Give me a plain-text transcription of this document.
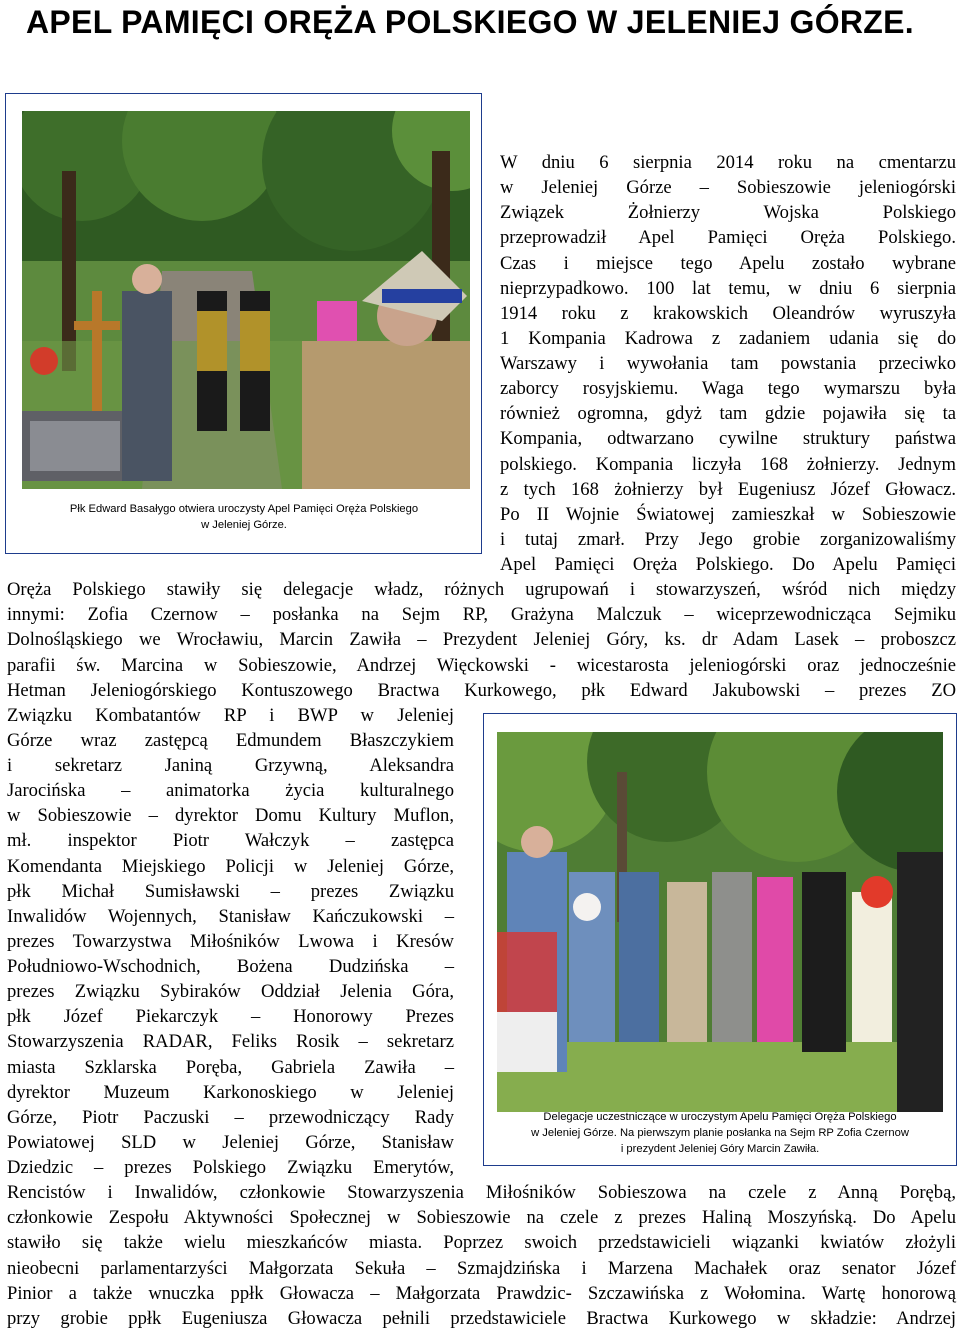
APEL PAMIĘCI ORĘŻA POLSKIEGO W JELENIEJ GÓRZE.
Płk Edward Basałygo otwiera uroczysty Apel Pamięci Oręża Polskiego
w Jeleniej Górze.
Delegacje uczestniczące w uroczystym Apelu Pamięci Oręża Polskiego
w Jeleniej Górze. Na pierwszym planie posłanka na Sejm RP Zofia Czernow
i prezydent Jeleniej Góry Marcin Zawiła.
W dniu 6 sierpnia 2014 roku na cmentarzu
w Jeleniej Górze – Sobieszowie jeleniogórski
Związek Żołnierzy Wojska Polskiego
przeprowadził Apel Pamięci Oręża Polskiego.
Czas i miejsce tego Apelu zostało wybrane
nieprzypadkowo. 100 lat temu, w dniu 6 sierpnia
1914 roku z krakowskich Oleandrów wyruszyła
1 Kompania Kadrowa z zadaniem udania się do
Warszawy i wywołania tam powstania przeciwko
zaborcy rosyjskiemu. Waga tego wymarszu była
również ogromna, gdyż tam gdzie pojawiła się ta
Kompania, odtwarzano cywilne struktury państwa
polskiego. Kompania liczyła 168 żołnierzy. Jednym
z tych 168 żołnierzy był Eugeniusz Józef Głowacz.
Po II Wojnie Światowej zamieszkał w Sobieszowie
i tutaj zmarł. Przy Jego grobie zorganizowaliśmy
Apel Pamięci Oręża Polskiego. Do Apelu Pamięci
Oręża Polskiego stawiły się delegacje władz, różnych ugrupowań i stowarzyszeń, wśród nich między
innymi: Zofia Czernow – posłanka na Sejm RP, Grażyna Malczuk – wiceprzewodnicząca Sejmiku
Dolnośląskiego we Wrocławiu, Marcin Zawiła – Prezydent Jeleniej Góry, ks. dr Adam Lasek – proboszcz
parafii św. Marcina w Sobieszowie, Andrzej Więckowski - wicestarosta jeleniogórski oraz jednocześnie
Hetman Jeleniogórskiego Kontuszowego Bractwa Kurkowego, płk Edward Jakubowski – prezes ZO
Związku Kombatantów RP i BWP w Jeleniej
Górze wraz zastępcą Edmundem Błaszczykiem
i sekretarz Janiną Grzywną, Aleksandra
Jarocińska – animatorka życia kulturalnego
w Sobieszowie – dyrektor Domu Kultury Muflon,
mł. inspektor Piotr Wałczyk – zastępca
Komendanta Miejskiego Policji w Jeleniej Górze,
płk Michał Sumisławski – prezes Związku
Inwalidów Wojennych, Stanisław Kańczukowski –
prezes Towarzystwa Miłośników Lwowa i Kresów
Południowo-Wschodnich, Bożena Dudzińska –
prezes Związku Sybiraków Oddział Jelenia Góra,
płk Józef Piekarczyk – Honorowy Prezes
Stowarzyszenia RADAR, Feliks Rosik – sekretarz
miasta Szklarska Poręba, Gabriela Zawiła –
dyrektor Muzeum Karkonoskiego w Jeleniej
Górze, Piotr Paczuski – przewodniczący Rady
Powiatowej SLD w Jeleniej Górze, Stanisław
Dziedzic – prezes Polskiego Związku Emerytów,
Rencistów i Inwalidów, członkowie Stowarzyszenia Miłośników Sobieszowa na czele z Anną Porębą,
członkowie Zespołu Aktywności Społecznej w Sobieszowie na czele z prezes Haliną Moszyńską. Do Apelu
stawiło się także wielu mieszkańców miasta. Poprzez swoich przedstawicieli wiązanki kwiatów złożyli
nieobecni parlamentarzyści Małgorzata Sekuła – Szmajdzińska i Marzena Machałek oraz senator Józef
Pinior a także wnuczka ppłk Głowacza – Małgorzata Prawdzic- Szczawińska z Wołomina. Wartę honorową
przy grobie ppłk Eugeniusza Głowacza pełnili przedstawiciele Bractwa Kurkowego w składzie: Andrzej
